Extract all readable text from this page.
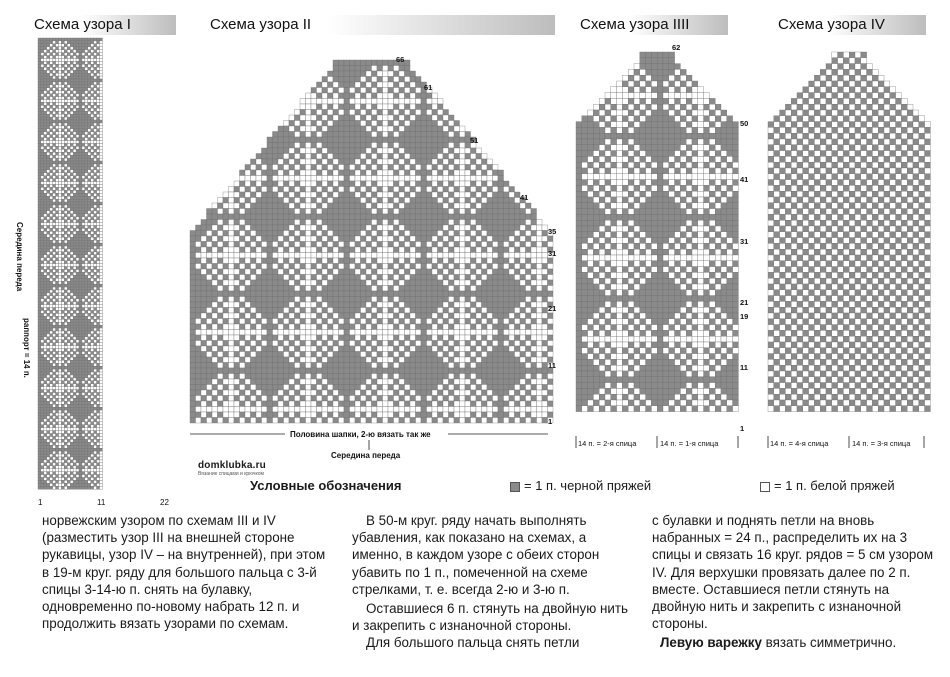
Схема узора I	Схема узора II	Схема узора IIII	Схема узора IV
Середина переда
раппорт = 14 п.
1	11	22
66
61
51
41
35
31
21
11
1
Половина шапки, 2-ю вязать так же
Середина переда
62
50
41
31
21
19
11
1
14 п. = 2-я спица	14 п. = 1-я спица	14 п. = 4-я спица	14 п. = 3-я спица
domklubka.ru
Вязание спицами и крючком
Условные обозначения	= 1 п. черной пряжей	= 1 п. белой пряжей

норвежским узором по схемам III и IV (разместить узор III на внешней стороне рукавицы, узор IV – на внутренней), при этом в 19-м круг. ряду для большого пальца с 3-й спицы 3-14-ю п. снять на булавку, одновременно по-новому набрать 12 п. и продолжить вязать узорами по схемам.

В 50-м круг. ряду начать выполнять убавления, как показано на схемах, а именно, в каждом узоре с обеих сторон убавить по 1 п., помеченной на схеме стрелками, т. е. всегда 2-ю и 3-ю п.

Оставшиеся 6 п. стянуть на двойную нить и закрепить с изнаночной стороны.

Для большого пальца снять петли

с булавки и поднять петли на вновь набранных = 24 п., распределить их на 3 спицы и связать 16 круг. рядов = 5 см узором IV. Для верхушки провязать далее по 2 п. вместе. Оставшиеся петли стянуть на двойную нить и закрепить с изнаночной стороны.

Левую варежку вязать симметрично.
